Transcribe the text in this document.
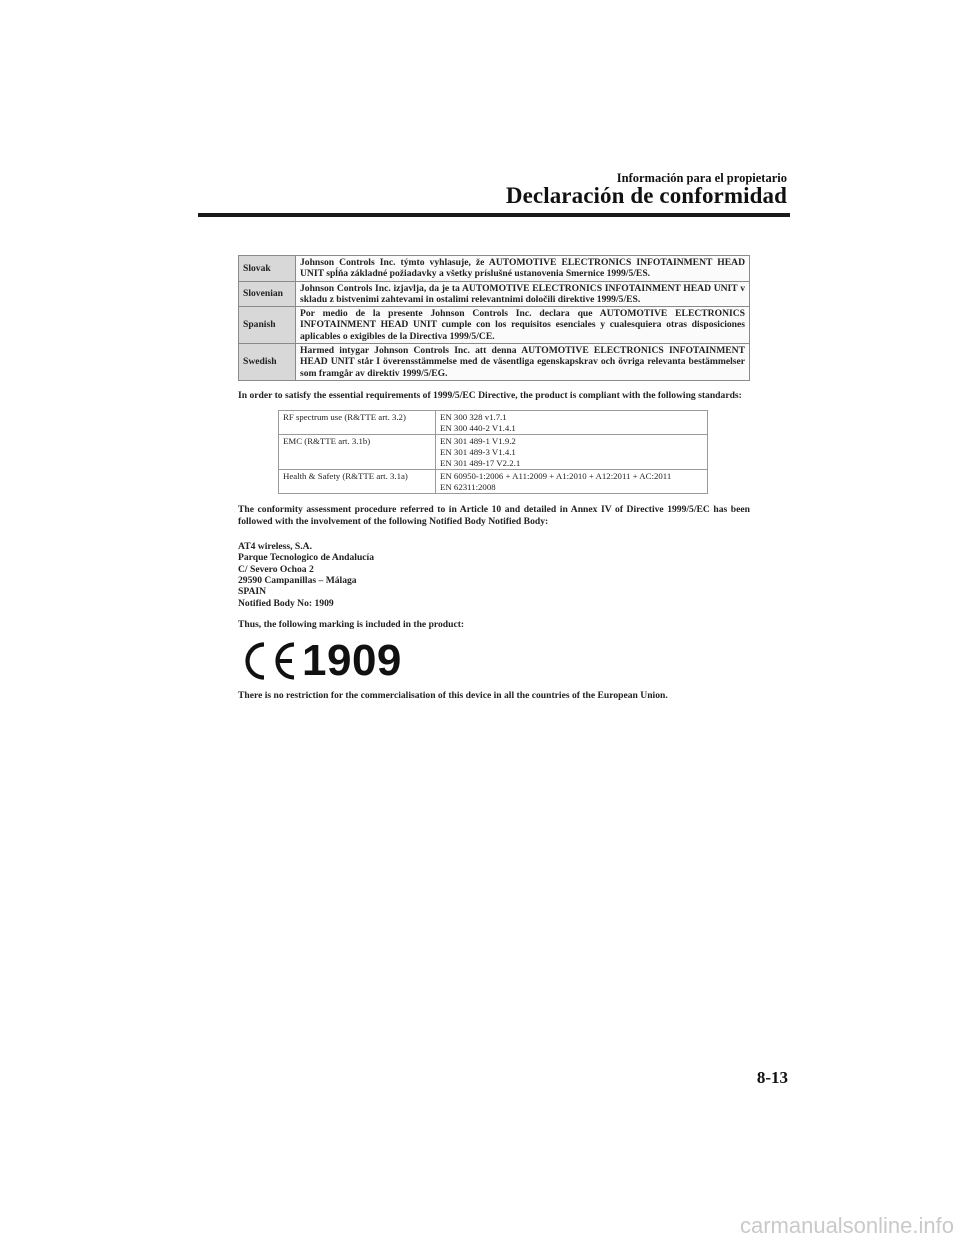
Información para el propietario
Declaración de conformidad
Slovak	Johnson Controls Inc. týmto vyhlasuje, že AUTOMOTIVE ELECTRONICS INFOTAINMENT HEAD UNIT spĺňa základné požiadavky a všetky príslušné ustanovenia Smernice 1999/5/ES.
Slovenian	Johnson Controls Inc. izjavlja, da je ta AUTOMOTIVE ELECTRONICS INFOTAINMENT HEAD UNIT v skladu z bistvenimi zahtevami in ostalimi relevantnimi določili direktive 1999/5/ES.
Spanish	Por medio de la presente Johnson Controls Inc. declara que AUTOMOTIVE ELECTRONICS INFOTAINMENT HEAD UNIT cumple con los requisitos esenciales y cualesquiera otras disposiciones aplicables o exigibles de la Directiva 1999/5/CE.
Swedish	Harmed intygar Johnson Controls Inc. att denna AUTOMOTIVE ELECTRONICS INFOTAINMENT HEAD UNIT står I överensstämmelse med de väsentliga egenskapskrav och övriga relevanta bestämmelser som framgår av direktiv 1999/5/EG.
In order to satisfy the essential requirements of 1999/5/EC Directive, the product is compliant with the following standards:
RF spectrum use (R&TTE art. 3.2)	EN 300 328 v1.7.1
EN 300 440-2 V1.4.1

EMC (R&TTE art. 3.1b)	EN 301 489-1 V1.9.2
EN 301 489-3 V1.4.1
EN 301 489-17 V2.2.1

Health & Safety (R&TTE art. 3.1a)	EN 60950-1:2006 + A11:2009 + A1:2010 + A12:2011 + AC:2011
EN 62311:2008
The conformity assessment procedure referred to in Article 10 and detailed in Annex IV of Directive 1999/5/EC has been followed with the involvement of the following Notified Body Notified Body:
AT4 wireless, S.A.
Parque Tecnologico de Andalucía
C/ Severo Ochoa 2
29590 Campanillas – Málaga
SPAIN
Notified Body No: 1909
Thus, the following marking is included in the product:
1909
There is no restriction for the commercialisation of this device in all the countries of the European Union.
8-13
carmanualsonline.info
